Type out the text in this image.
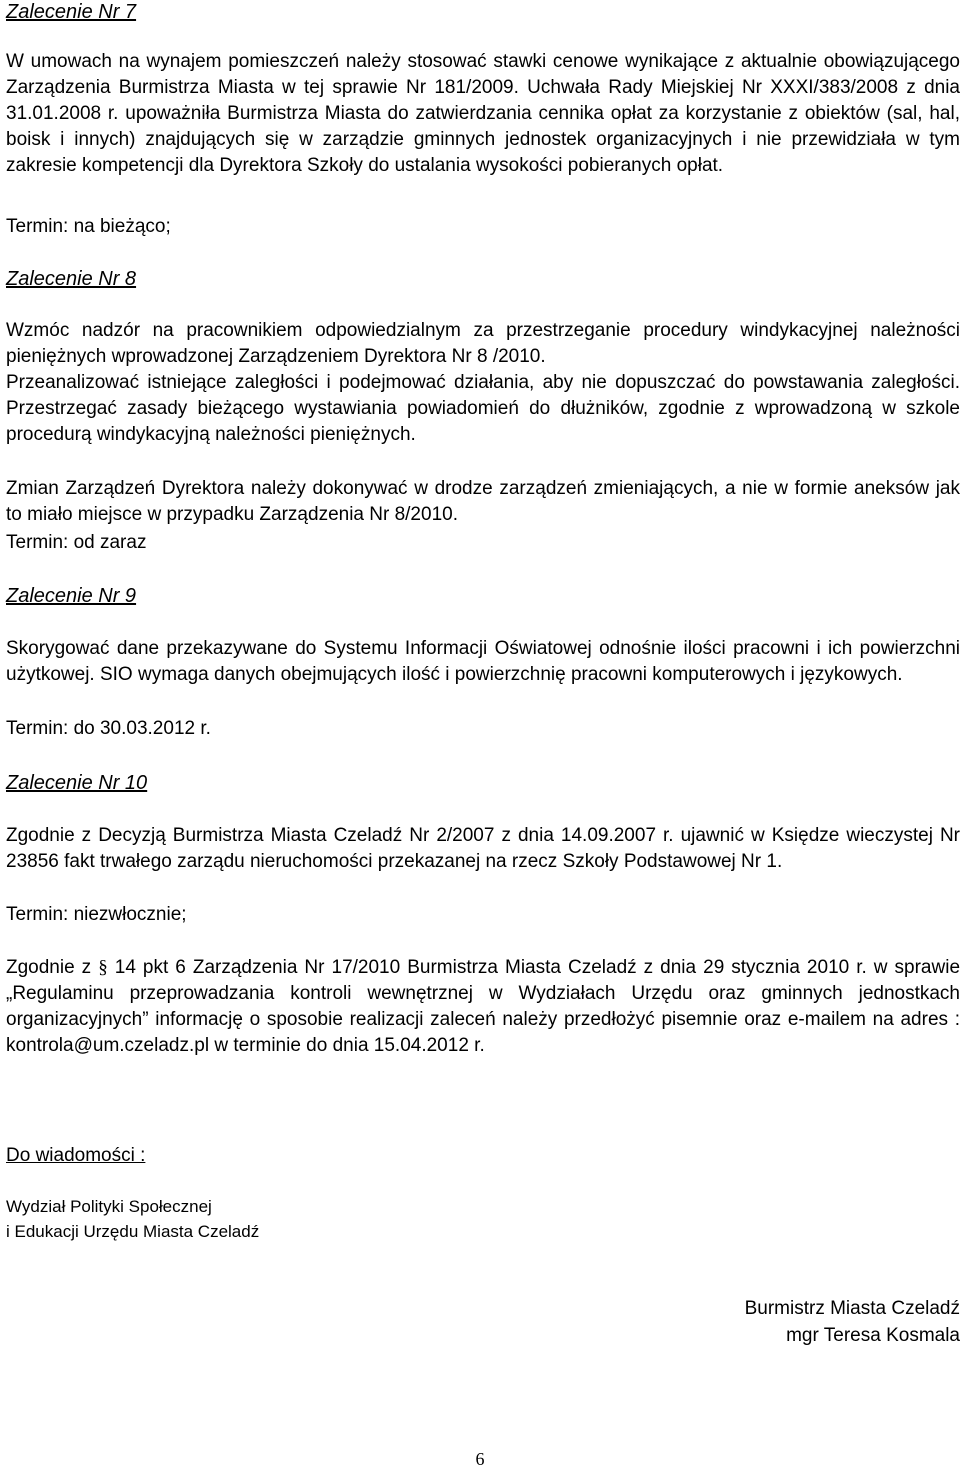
Zalecenie Nr 7

W umowach na wynajem pomieszczeń należy stosować stawki cenowe wynikające z aktualnie obowiązującego Zarządzenia Burmistrza Miasta w tej sprawie Nr 181/2009. Uchwała Rady Miejskiej Nr XXXI/383/2008 z dnia 31.01.2008 r. upoważniła Burmistrza Miasta do zatwierdzania cennika opłat za korzystanie z obiektów (sal, hal, boisk i innych) znajdujących się w zarządzie gminnych jednostek organizacyjnych i nie przewidziała w tym zakresie kompetencji dla Dyrektora Szkoły do ustalania wysokości pobieranych opłat.

Termin: na bieżąco;
Zalecenie Nr 8

Wzmóc nadzór na pracownikiem odpowiedzialnym za przestrzeganie procedury windykacyjnej należności pieniężnych wprowadzonej Zarządzeniem Dyrektora Nr 8 /2010.

Przeanalizować istniejące zaległości i podejmować działania, aby nie dopuszczać do powstawania zaległości. Przestrzegać zasady bieżącego wystawiania powiadomień do dłużników, zgodnie z wprowadzoną w szkole procedurą windykacyjną należności pieniężnych.

Zmian Zarządzeń Dyrektora należy dokonywać w drodze zarządzeń zmieniających, a nie w formie aneksów jak to miało miejsce w przypadku Zarządzenia Nr 8/2010.

Termin: od zaraz
Zalecenie Nr 9

Skorygować dane przekazywane do Systemu Informacji Oświatowej odnośnie ilości pracowni i ich powierzchni użytkowej. SIO wymaga danych obejmujących ilość i powierzchnię pracowni komputerowych i językowych.

Termin: do 30.03.2012 r.
Zalecenie Nr 10

Zgodnie z Decyzją Burmistrza Miasta Czeladź Nr 2/2007 z dnia 14.09.2007 r. ujawnić w Księdze wieczystej Nr 23856 fakt trwałego zarządu nieruchomości przekazanej na rzecz Szkoły Podstawowej Nr 1.

Termin: niezwłocznie;

Zgodnie z § 14 pkt 6 Zarządzenia Nr 17/2010 Burmistrza Miasta Czeladź z dnia 29 stycznia 2010 r. w sprawie „Regulaminu przeprowadzania kontroli wewnętrznej w Wydziałach Urzędu oraz gminnych jednostkach organizacyjnych” informację o sposobie realizacji zaleceń należy przedłożyć pisemnie oraz e-mailem na adres : kontrola@um.czeladz.pl w terminie do dnia 15.04.2012 r.

Do wiadomości :
Wydział Polityki Społecznej
i Edukacji Urzędu Miasta Czeladź
Burmistrz Miasta Czeladź
mgr Teresa Kosmala
6
